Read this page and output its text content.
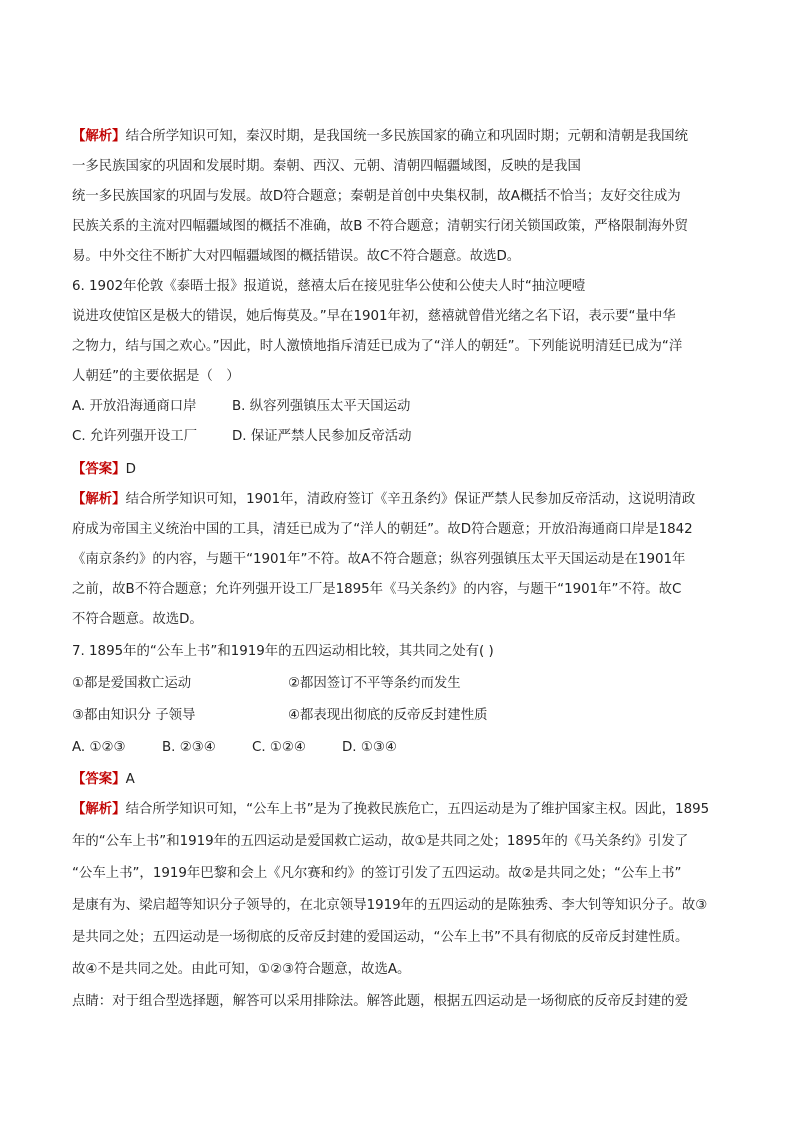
【解析】结合所学知识可知，秦汉时期，是我国统一多民族国家的确立和巩固时期；元朝和清朝是我国统
一多民族国家的巩固和发展时期。秦朝、西汉、元朝、清朝四幅疆域图，反映的是我国
统一多民族国家的巩固与发展。故D符合题意；秦朝是首创中央集权制，故A概括不恰当；友好交往成为
民族关系的主流对四幅疆域图的概括不准确，故B 不符合题意；清朝实行闭关锁国政策，严格限制海外贸
易。中外交往不断扩大对四幅疆域图的概括错误。故C不符合题意。故选D。
6. 1902年伦敦《泰晤士报》报道说，慈禧太后在接见驻华公使和公使夫人时“抽泣哽噎
说进攻使馆区是极大的错误，她后悔莫及。”早在1901年初，慈禧就曾借光绪之名下诏，表示要“量中华
之物力，结与国之欢心。”因此，时人激愤地指斥清廷已成为了“洋人的朝廷”。下列能说明清廷已成为“洋
人朝廷”的主要依据是（　）
A. 开放沿海通商口岸	B. 纵容列强镇压太平天国运动
C. 允许列强开设工厂	D. 保证严禁人民参加反帝活动
【答案】D
【解析】结合所学知识可知，1901年，清政府签订《辛丑条约》保证严禁人民参加反帝活动，这说明清政
府成为帝国主义统治中国的工具，清廷已成为了“洋人的朝廷”。故D符合题意；开放沿海通商口岸是1842
《南京条约》的内容，与题干“1901年”不符。故A不符合题意；纵容列强镇压太平天国运动是在1901年
之前，故B不符合题意；允许列强开设工厂是1895年《马关条约》的内容，与题干“1901年”不符。故C
不符合题意。故选D。
7. 1895年的“公车上书”和1919年的五四运动相比较，其共同之处有( )
①都是爱国救亡运动	②都因签订不平等条约而发生
③都由知识分 子领导	④都表现出彻底的反帝反封建性质
A. ①②③	B. ②③④	C. ①②④	D. ①③④
【答案】A
【解析】结合所学知识可知，“公车上书”是为了挽救民族危亡，五四运动是为了维护国家主权。因此，1895
年的“公车上书”和1919年的五四运动是爱国救亡运动，故①是共同之处；1895年的《马关条约》引发了
“公车上书”，1919年巴黎和会上《凡尔赛和约》的签订引发了五四运动。故②是共同之处；“公车上书”
是康有为、梁启超等知识分子领导的，在北京领导1919年的五四运动的是陈独秀、李大钊等知识分子。故③
是共同之处；五四运动是一场彻底的反帝反封建的爱国运动，“公车上书”不具有彻底的反帝反封建性质。
故④不是共同之处。由此可知，①②③符合题意，故选A。
点睛：对于组合型选择题，解答可以采用排除法。解答此题，根据五四运动是一场彻底的反帝反封建的爱
